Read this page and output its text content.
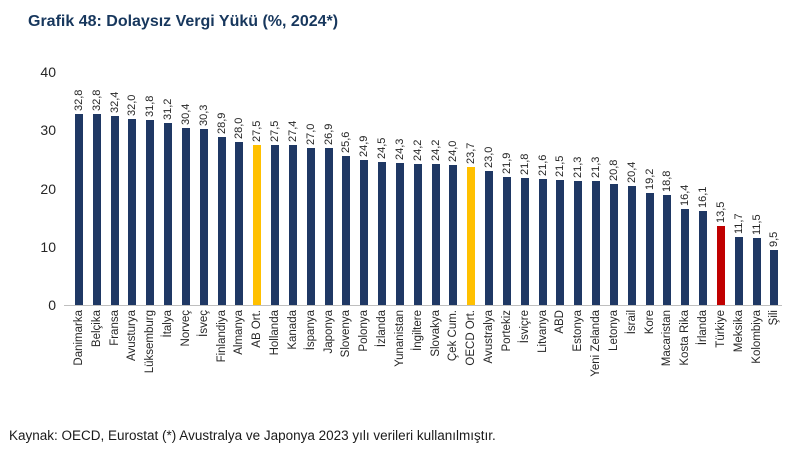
Grafik 48: Dolaysız Vergi Yükü (%, 2024*)
0
10
20
30
40
32,8
Danimarka
32,8
Belçika
32,4
Fransa
32,0
Avusturya
31,8
Lüksemburg
31,2
İtalya
30,4
Norveç
30,3
İsveç
28,9
Finlandiya
28,0
Almanya
27,5
AB Ort.
27,5
Hollanda
27,4
Kanada
27,0
İspanya
26,9
Japonya
25,6
Slovenya
24,9
Polonya
24,5
İzlanda
24,3
Yunanistan
24,2
İngiltere
24,2
Slovakya
24,0
Çek Cum.
23,7
OECD Ort.
23,0
Avustralya
21,9
Portekiz
21,8
İsviçre
21,6
Litvanya
21,5
ABD
21,3
Estonya
21,3
Yeni Zelanda
20,8
Letonya
20,4
İsrail
19,2
Kore
18,8
Macaristan
16,4
Kosta Rika
16,1
İrlanda
13,5
Türkiye
11,7
Meksika
11,5
Kolombiya
9,5
Şili
Kaynak: OECD, Eurostat (*) Avustralya ve Japonya 2023 yılı verileri kullanılmıştır.
